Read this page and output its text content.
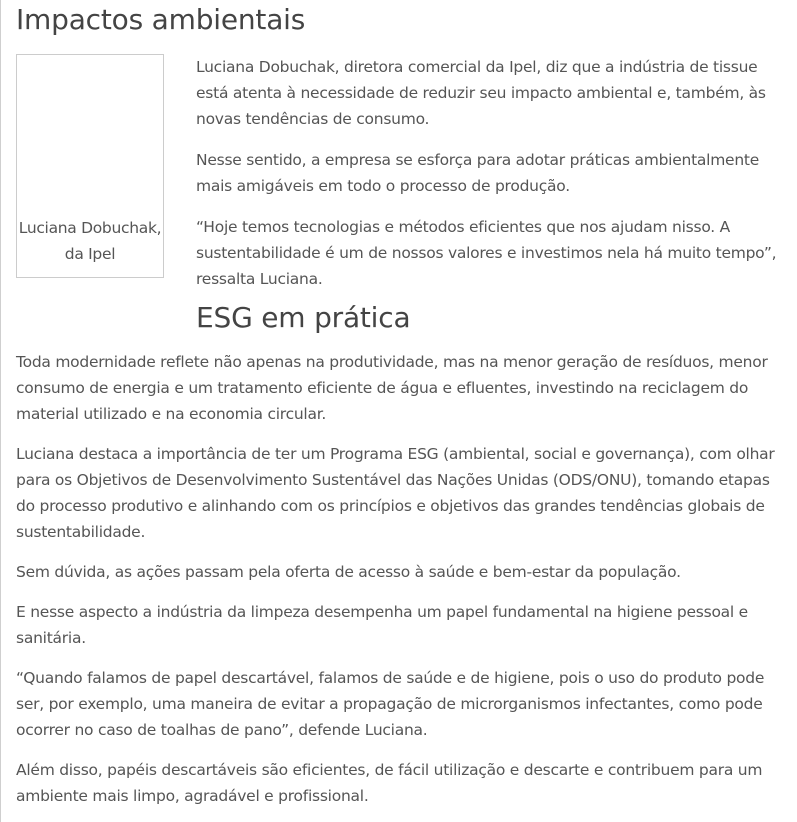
Impactos ambientais
Luciana Dobuchak,
da Ipel

Luciana Dobuchak, diretora comercial da Ipel, diz que a indústria de tissue está atenta à necessidade de reduzir seu impacto ambiental e, também, às novas tendências de consumo.

Nesse sentido, a empresa se esforça para adotar práticas ambientalmente mais amigáveis em todo o processo de produção.

“Hoje temos tecnologias e métodos eficientes que nos ajudam nisso. A sustentabilidade é um de nossos valores e investimos nela há muito tempo”, ressalta Luciana.

ESG em prática

Toda modernidade reflete não apenas na produtividade, mas na menor geração de resíduos, menor consumo de energia e um tratamento eficiente de água e efluentes, investindo na reciclagem do material utilizado e na economia circular.

Luciana destaca a importância de ter um Programa ESG (ambiental, social e governança), com olhar para os Objetivos de Desenvolvimento Sustentável das Nações Unidas (ODS/ONU), tomando etapas do processo produtivo e alinhando com os princípios e objetivos das grandes tendências globais de sustentabilidade.

Sem dúvida, as ações passam pela oferta de acesso à saúde e bem-estar da população.

E nesse aspecto a indústria da limpeza desempenha um papel fundamental na higiene pessoal e sanitária.

“Quando falamos de papel descartável, falamos de saúde e de higiene, pois o uso do produto pode ser, por exemplo, uma maneira de evitar a propagação de microrganismos infectantes, como pode ocorrer no caso de toalhas de pano”, defende Luciana.

Além disso, papéis descartáveis são eficientes, de fácil utilização e descarte e contribuem para um ambiente mais limpo, agradável e profissional.
